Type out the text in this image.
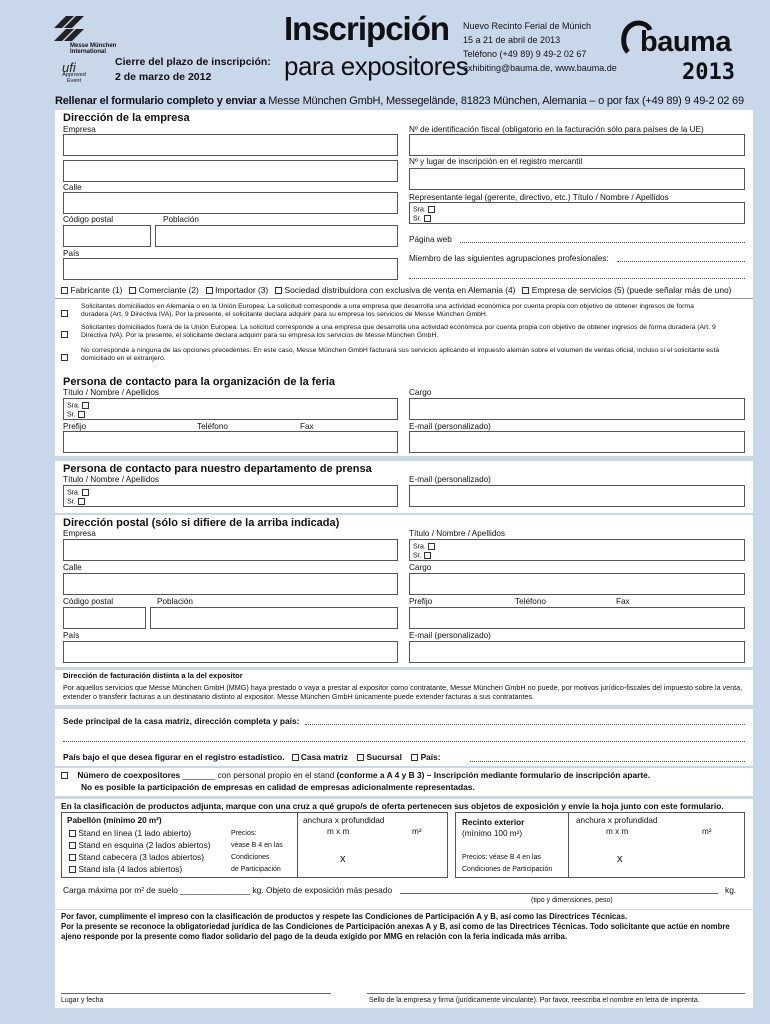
Messe München International
ufi
Approved Event
Cierre del plazo de inscripción:
2 de marzo de 2012
Inscripción
para expositores
Nuevo Recinto Ferial de Múnich
15 a 21 de abril de 2013
Teléfono (+49 89) 9 49-2 02 67
exhibiting@bauma.de, www.bauma.de
bauma
2013
Rellenar el formulario completo y enviar a Messe München GmbH, Messegelände, 81823 München, Alemania – o por fax (+49 89) 9 49-2 02 69
Dirección de la empresa
Empresa
Calle
Código postal	Población
País
Nº de identificación fiscal (obligatorio en la facturación sólo para países de la UE)
Nº y lugar de inscripción en el registro mercantil
Representante legal (gerente, directivo, etc.) Título / Nombre / Apellidos
Sra.
Sr.
Página web
Miembro de las siguientes agrupaciones profesionales:
Fabricante (1) Comerciante (2) Importador (3) Sociedad distribuidora con exclusiva de venta en Alemania (4) Empresa de servicios (5) (puede señalar más de uno)
Solicitantes domiciliados en Alemania o en la Unión Europea: La solicitud corresponde a una empresa que desarrolla una actividad económica por cuenta propia con objetivo de obtener ingresos de forma duradera (Art. 9 Directiva IVA). Por la presente, el solicitante declara adquirir para su empresa los servicios de Messe München GmbH.
Solicitantes domiciliados fuera de la Unión Europea: La solicitud corresponde a una empresa que desarrolla una actividad económica por cuenta propia con objetivo de obtener ingresos de forma duradera (Art. 9 Directiva IVA). Por la presente, el solicitante declara adquirir para su empresa los servicios de Messe München GmbH.
No corresponde a ninguna de las opciones precedentes. En este caso, Messe München GmbH facturará sus servicios aplicando el impuesto alemán sobre el volumen de ventas oficial, incluso si el solicitante está domiciliado en el extranjero.
Persona de contacto para la organización de la feria
Título / Nombre / Apellidos
Sra.
Sr.
Cargo
Prefijo	Teléfono	Fax	E-mail (personalizado)
Persona de contacto para nuestro departamento de prensa
Título / Nombre / Apellidos
Sra.
Sr.
E-mail (personalizado)
Dirección postal (sólo si difiere de la arriba indicada)
Empresa	Título / Nombre / Apellidos
Sra.
Sr.
Calle	Cargo
Código postal	Población	Prefijo	Teléfono	Fax
País	E-mail (personalizado)
Dirección de facturación distinta a la del expositor
Por aquellos servicios que Messe München GmbH (MMG) haya prestado o vaya a prestar al expositor como contratante, Messe München GmbH no puede, por motivos jurídico-fiscales del impuesto sobre la venta, extender o transferir facturas a un destinatario distinto al expositor. Messe München GmbH únicamente puede extender facturas a sus contratantes.
Sede principal de la casa matriz, dirección completa y país:
País bajo el que desea figurar en el registro estadístico. Casa matriz Sucursal País:
Número de coexpositores _______ con personal propio en el stand (conforme a A 4 y B 3) – Inscripción mediante formulario de inscripción aparte.
No es posible la participación de empresas en calidad de empresas adicionalmente representadas.
En la clasificación de productos adjunta, marque con una cruz a qué grupo/s de oferta pertenecen sus objetos de exposición y envíe la hoja junto con este formulario.
Pabellón (mínimo 20 m²)
Stand en línea (1 lado abierto)
Stand en esquina (2 lados abiertos)
Stand cabecera (3 lados abiertos)
Stand isla (4 lados abiertos)
Precios:
véase B 4 en las
Condiciones
de Participación
anchura x profundidad
m x m	m²
x
Recinto exterior
(mínimo 100 m²)
Precios: véase B 4 en las
Condiciones de Participación
anchura x profundidad
m x m	m²
x
Carga máxima por m² de suelo _______________ kg. Objeto de exposición más pesado	kg.
(tipo y dimensiones, peso)
Por favor, cumplimente el impreso con la clasificación de productos y respete las Condiciones de Participación A y B, así como las Directrices Técnicas.
Por la presente se reconoce la obligatoriedad jurídica de las Condiciones de Participación anexas A y B, así como de las Directrices Técnicas. Todo solicitante que actúe en nombre ajeno responde por la presente como fiador solidario del pago de la deuda exigido por MMG en relación con la feria indicada más arriba.
Lugar y fecha	Sello de la empresa y firma (jurídicamente vinculante). Por favor, reescriba el nombre en letra de imprenta.
